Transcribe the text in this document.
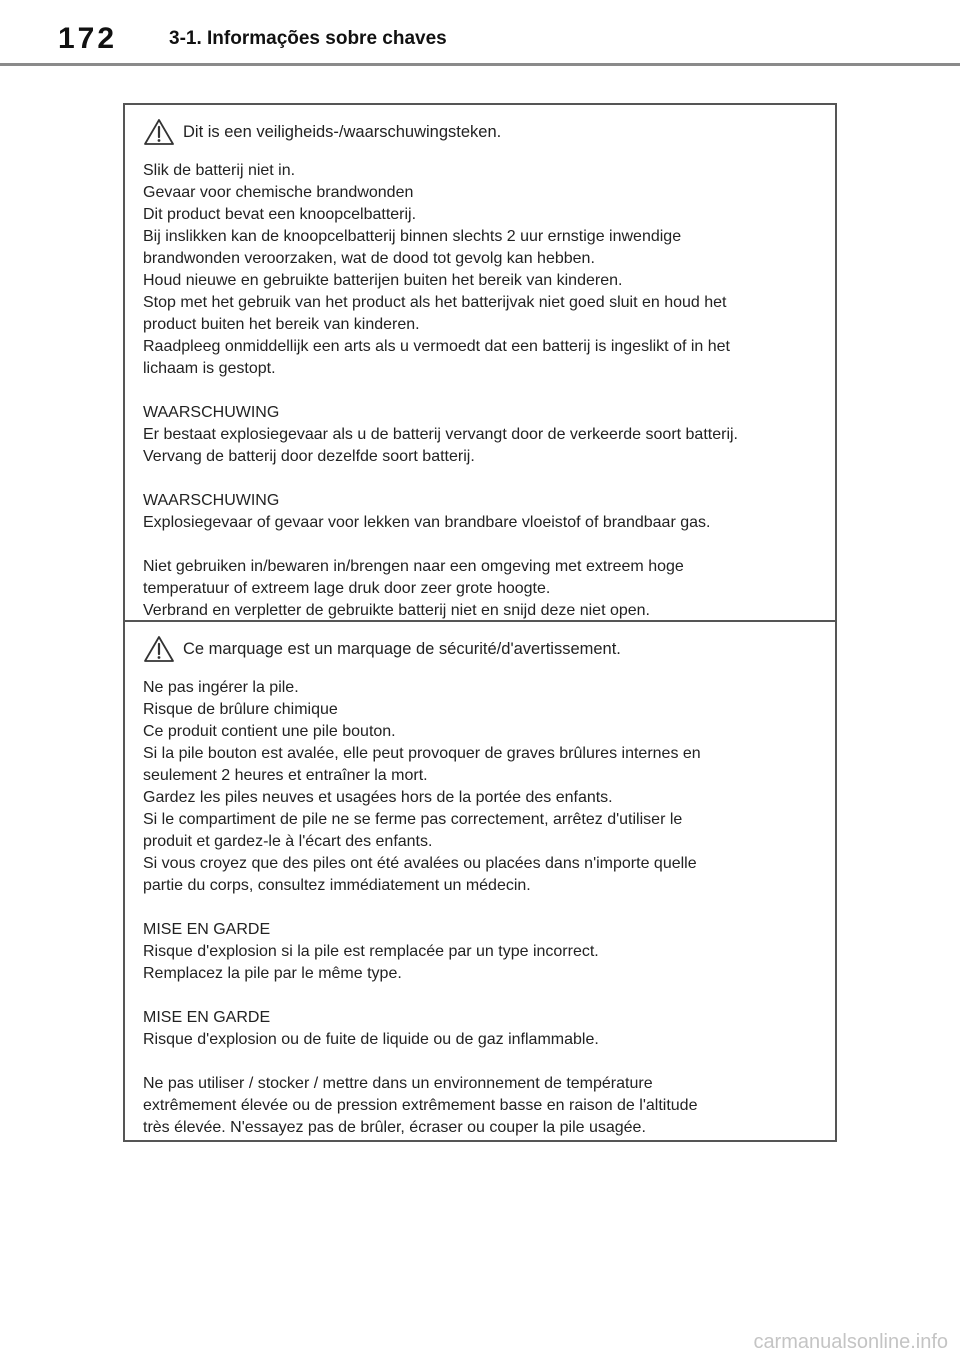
172	3-1. Informações sobre chaves
Dit is een veiligheids-/waarschuwingsteken.

Slik de batterij niet in.
Gevaar voor chemische brandwonden
Dit product bevat een knoopcelbatterij.
Bij inslikken kan de knoopcelbatterij binnen slechts 2 uur ernstige inwendige
brandwonden veroorzaken, wat de dood tot gevolg kan hebben.
Houd nieuwe en gebruikte batterijen buiten het bereik van kinderen.
Stop met het gebruik van het product als het batterijvak niet goed sluit en houd het
product buiten het bereik van kinderen.
Raadpleeg onmiddellijk een arts als u vermoedt dat een batterij is ingeslikt of in het
lichaam is gestopt.

WAARSCHUWING
Er bestaat explosiegevaar als u de batterij vervangt door de verkeerde soort batterij.
Vervang de batterij door dezelfde soort batterij.

WAARSCHUWING
Explosiegevaar of gevaar voor lekken van brandbare vloeistof of brandbaar gas.

Niet gebruiken in/bewaren in/brengen naar een omgeving met extreem hoge
temperatuur of extreem lage druk door zeer grote hoogte.
Verbrand en verpletter de gebruikte batterij niet en snijd deze niet open.

Ce marquage est un marquage de sécurité/d'avertissement.

Ne pas ingérer la pile.
Risque de brûlure chimique
Ce produit contient une pile bouton.
Si la pile bouton est avalée, elle peut provoquer de graves brûlures internes en
seulement 2 heures et entraîner la mort.
Gardez les piles neuves et usagées hors de la portée des enfants.
Si le compartiment de pile ne se ferme pas correctement, arrêtez d'utiliser le
produit et gardez-le à l'écart des enfants.
Si vous croyez que des piles ont été avalées ou placées dans n'importe quelle
partie du corps, consultez immédiatement un médecin.

MISE EN GARDE
Risque d'explosion si la pile est remplacée par un type incorrect.
Remplacez la pile par le même type.

MISE EN GARDE
Risque d'explosion ou de fuite de liquide ou de gaz inflammable.

Ne pas utiliser / stocker / mettre dans un environnement de température
extrêmement élevée ou de pression extrêmement basse en raison de l'altitude
très élevée. N'essayez pas de brûler, écraser ou couper la pile usagée.

carmanualsonline.info
